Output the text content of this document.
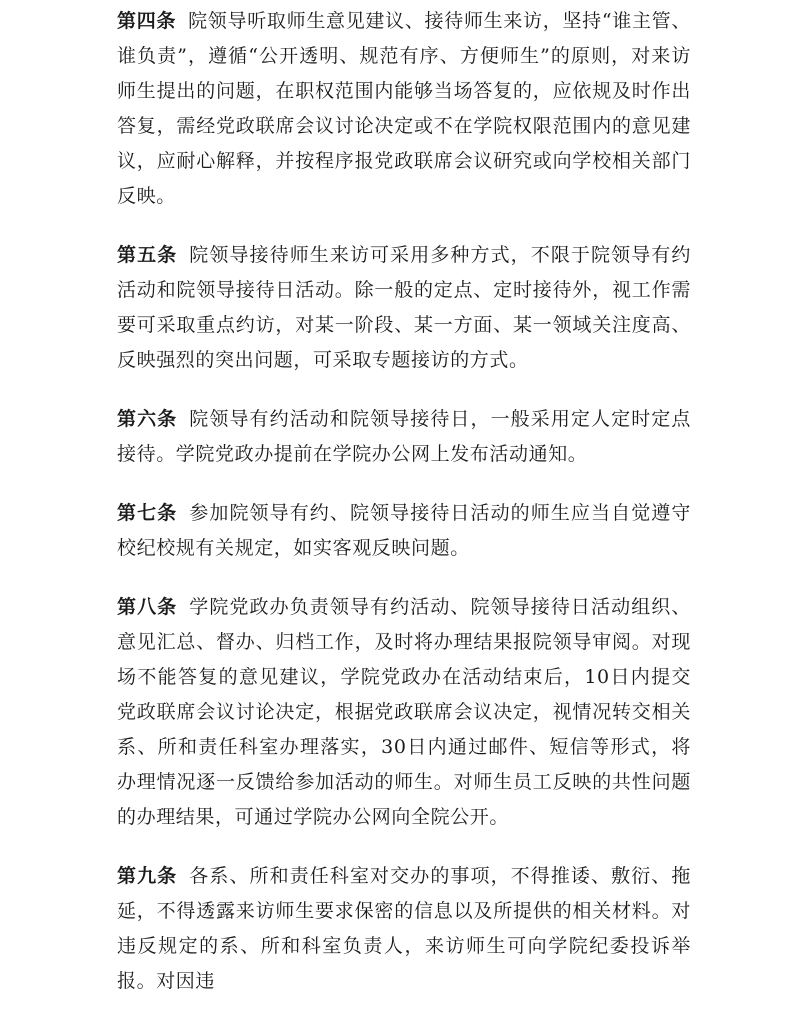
第四条 院领导听取师生意见建议、接待师生来访，坚持“谁主管、谁负责”，遵循“公开透明、规范有序、方便师生”的原则，对来访师生提出的问题，在职权范围内能够当场答复的，应依规及时作出答复，需经党政联席会议讨论决定或不在学院权限范围内的意见建议，应耐心解释，并按程序报党政联席会议研究或向学校相关部门反映。

第五条 院领导接待师生来访可采用多种方式，不限于院领导有约活动和院领导接待日活动。除一般的定点、定时接待外，视工作需要可采取重点约访，对某一阶段、某一方面、某一领域关注度高、反映强烈的突出问题，可采取专题接访的方式。

第六条 院领导有约活动和院领导接待日，一般采用定人定时定点接待。学院党政办提前在学院办公网上发布活动通知。

第七条 参加院领导有约、院领导接待日活动的师生应当自觉遵守校纪校规有关规定，如实客观反映问题。

第八条 学院党政办负责领导有约活动、院领导接待日活动组织、意见汇总、督办、归档工作，及时将办理结果报院领导审阅。对现场不能答复的意见建议，学院党政办在活动结束后，10日内提交党政联席会议讨论决定，根据党政联席会议决定，视情况转交相关系、所和责任科室办理落实，30日内通过邮件、短信等形式，将办理情况逐一反馈给参加活动的师生。对师生员工反映的共性问题的办理结果，可通过学院办公网向全院公开。

第九条 各系、所和责任科室对交办的事项，不得推诿、敷衍、拖延，不得透露来访师生要求保密的信息以及所提供的相关材料。对违反规定的系、所和科室负责人，来访师生可向学院纪委投诉举报。对因违
